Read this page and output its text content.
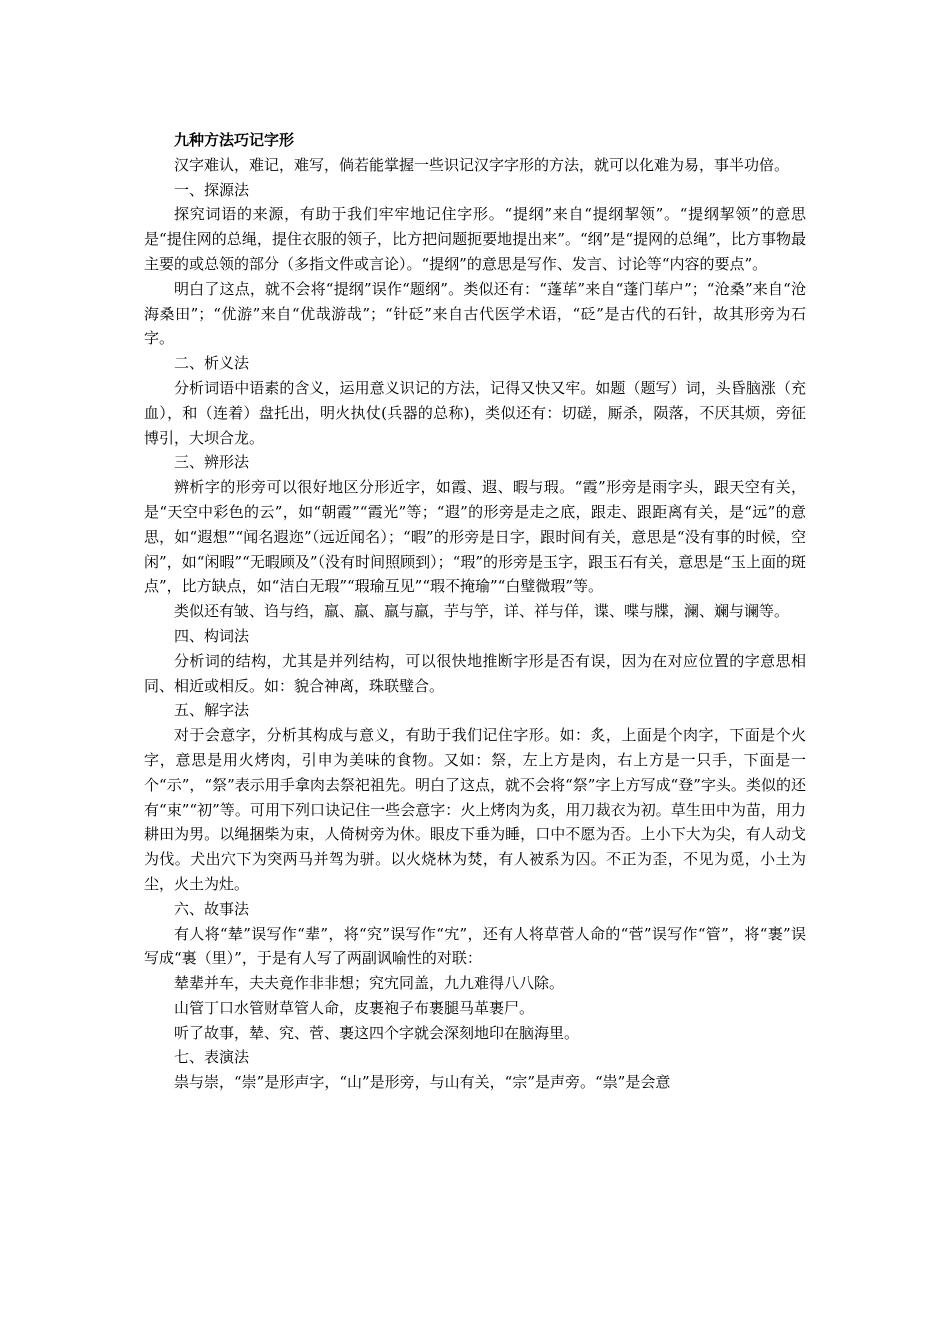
九种方法巧记字形

汉字难认，难记，难写，倘若能掌握一些识记汉字字形的方法，就可以化难为易，事半功倍。

一、探源法

探究词语的来源，有助于我们牢牢地记住字形。“提纲”来自“提纲挈领”。“提纲挈领”的意思是“提住网的总绳，提住衣服的领子，比方把问题扼要地提出来”。“纲”是“提网的总绳”，比方事物最主要的或总领的部分（多指文件或言论）。“提纲”的意思是写作、发言、讨论等“内容的要点”。

明白了这点，就不会将“提纲”误作“题纲”。类似还有：“蓬荜”来自“蓬门荜户”；“沧桑”来自“沧海桑田”；“优游”来自“优哉游哉”；“针砭”来自古代医学术语，“砭”是古代的石针，故其形旁为石字。

二、析义法

分析词语中语素的含义，运用意义识记的方法，记得又快又牢。如题（题写）词，头昏脑涨（充血），和（连着）盘托出，明火执仗(兵器的总称)，类似还有：切磋，厮杀，陨落，不厌其烦，旁征博引，大坝合龙。

三、辨形法

辨析字的形旁可以很好地区分形近字，如霞、遐、暇与瑕。“霞”形旁是雨字头，跟天空有关，是“天空中彩色的云”，如“朝霞”“霞光”等；“遐”的形旁是走之底，跟走、跟距离有关，是“远”的意思，如“遐想”“闻名遐迩”（远近闻名）；“暇”的形旁是日字，跟时间有关，意思是“没有事的时候，空闲”，如“闲暇”“无暇顾及”（没有时间照顾到）；“瑕”的形旁是玉字，跟玉石有关，意思是“玉上面的斑点”，比方缺点，如“洁白无瑕”“瑕瑜互见”“瑕不掩瑜”“白璧微瑕”等。

类似还有皱、诌与绉，羸、羸、羸与羸，芋与竽，详、祥与佯，谍、喋与牒，澜、斓与谰等。

四、构词法

分析词的结构，尤其是并列结构，可以很快地推断字形是否有误，因为在对应位置的字意思相同、相近或相反。如：貌合神离，珠联璧合。

五、解字法

对于会意字，分析其构成与意义，有助于我们记住字形。如：炙，上面是个肉字，下面是个火字，意思是用火烤肉，引申为美味的食物。又如：祭，左上方是肉，右上方是一只手，下面是一个“示”，“祭”表示用手拿肉去祭祀祖先。明白了这点，就不会将“祭”字上方写成“登”字头。类似的还有“束”“初”等。可用下列口诀记住一些会意字：火上烤肉为炙，用刀裁衣为初。草生田中为苗，用力耕田为男。以绳捆柴为束，人倚树旁为休。眼皮下垂为睡，口中不愿为否。上小下大为尖，有人动戈为伐。犬出穴下为突两马并驾为骈。以火烧林为焚，有人被系为囚。不正为歪，不见为觅，小土为尘，火土为灶。

六、故事法

有人将“辇”误写作“辈”，将“究”误写作“宄”，还有人将草菅人命的“菅”误写作“管”，将“裹”误写成“裏（里）”，于是有人写了两副讽喻性的对联：

辇辈并车，夫夫竟作非非想；究宄同盖，九九难得八八除。

山管丁口水管财草管人命，皮裹袍子布裹腿马革裹尸。

听了故事，辇、究、菅、裹这四个字就会深刻地印在脑海里。

七、表演法

祟与崇，“崇”是形声字，“山”是形旁，与山有关，“宗”是声旁。“祟”是会意
